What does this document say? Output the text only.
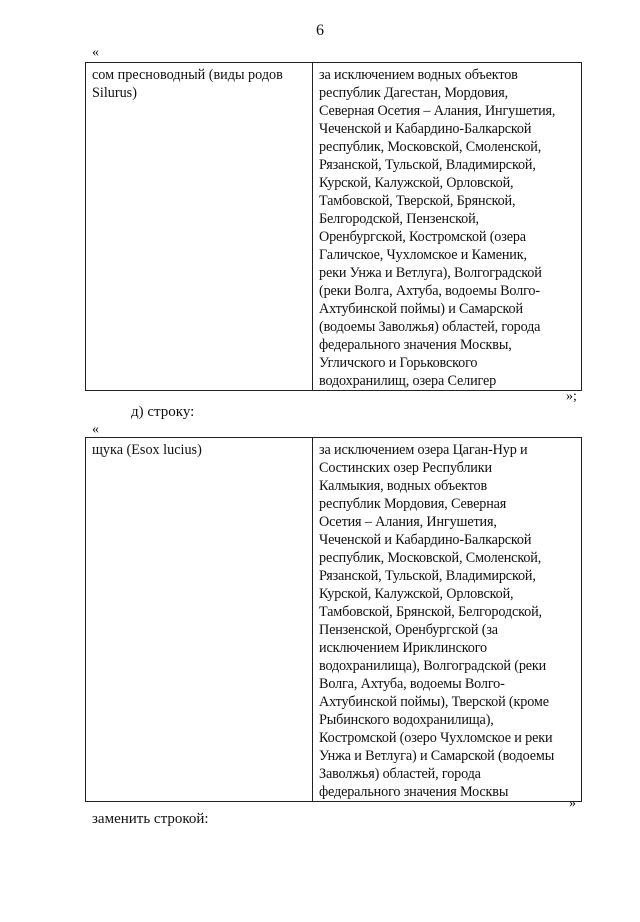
6
«
сом пресноводный (виды родов
Silurus)
за исключением водных объектов
республик Дагестан, Мордовия,
Северная Осетия – Алания, Ингушетия,
Чеченской и Кабардино-Балкарской
республик, Московской, Смоленской,
Рязанской, Тульской, Владимирской,
Курской, Калужской, Орловской,
Тамбовской, Тверской, Брянской,
Белгородской, Пензенской,
Оренбургской, Костромской (озера
Галичское, Чухломское и Каменик,
реки Унжа и Ветлуга), Волгоградской
(реки Волга, Ахтуба, водоемы Волго-
Ахтубинской поймы) и Самарской
(водоемы Заволжья) областей, города
федерального значения Москвы,
Угличского и Горьковского
водохранилищ, озера Селигер
»;
д) строку:
«
щука (Esox lucius)	за исключением озера Цаган-Нур и
Состинских озер Республики
Калмыкия, водных объектов
республик Мордовия, Северная
Осетия – Алания, Ингушетия,
Чеченской и Кабардино-Балкарской
республик, Московской, Смоленской,
Рязанской, Тульской, Владимирской,
Курской, Калужской, Орловской,
Тамбовской, Брянской, Белгородской,
Пензенской, Оренбургской (за
исключением Ириклинского
водохранилища), Волгоградской (реки
Волга, Ахтуба, водоемы Волго-
Ахтубинской поймы), Тверской (кроме
Рыбинского водохранилища),
Костромской (озеро Чухломское и реки
Унжа и Ветлуга) и Самарской (водоемы
Заволжья) областей, города
федерального значения Москвы
»
заменить строкой:
